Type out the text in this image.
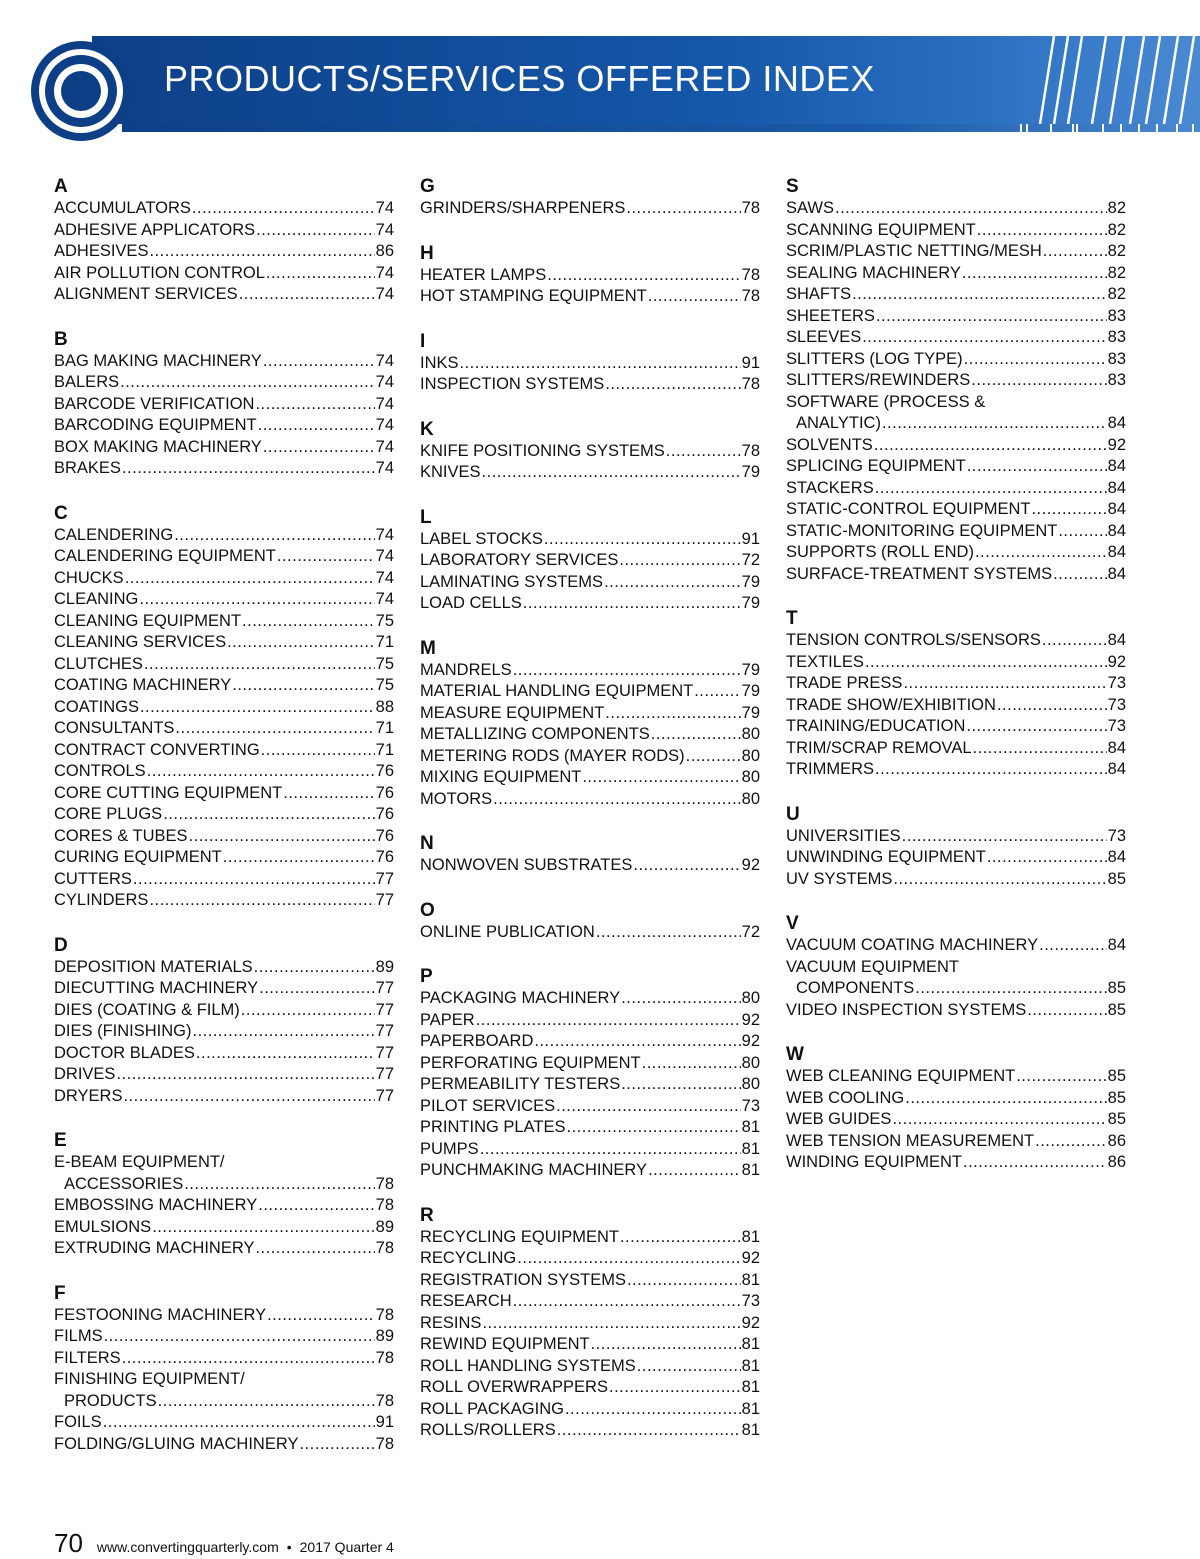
PRODUCTS/SERVICES OFFERED INDEX
A
ACCUMULATORS .....	74
ADHESIVE APPLICATORS .....	74
ADHESIVES .....	86
AIR POLLUTION CONTROL .....	74
ALIGNMENT SERVICES .....	74
B
BAG MAKING MACHINERY .....	74
BALERS .....	74
BARCODE VERIFICATION .....	74
BARCODING EQUIPMENT .....	74
BOX MAKING MACHINERY .....	74
BRAKES .....	74
C
CALENDERING .....	74
CALENDERING EQUIPMENT .....	74
CHUCKS .....	74
CLEANING .....	74
CLEANING EQUIPMENT .....	75
CLEANING SERVICES .....	71
CLUTCHES .....	75
COATING MACHINERY .....	75
COATINGS .....	88
CONSULTANTS .....	71
CONTRACT CONVERTING .....	71
CONTROLS .....	76
CORE CUTTING EQUIPMENT .....	76
CORE PLUGS .....	76
CORES & TUBES .....	76
CURING EQUIPMENT .....	76
CUTTERS .....	77
CYLINDERS .....	77
D
DEPOSITION MATERIALS .....	89
DIECUTTING MACHINERY .....	77
DIES (COATING & FILM) .....	77
DIES (FINISHING) .....	77
DOCTOR BLADES .....	77
DRIVES .....	77
DRYERS .....	77
E
E-BEAM EQUIPMENT/
ACCESSORIES .....	78
EMBOSSING MACHINERY .....	78
EMULSIONS .....	89
EXTRUDING MACHINERY .....	78
F
FESTOONING MACHINERY .....	78
FILMS .....	89
FILTERS .....	78
FINISHING EQUIPMENT/
PRODUCTS .....	78
FOILS .....	91
FOLDING/GLUING MACHINERY .....	78
G
GRINDERS/SHARPENERS .....	78
H
HEATER LAMPS .....	78
HOT STAMPING EQUIPMENT .....	78
I
INKS .....	91
INSPECTION SYSTEMS .....	78
K
KNIFE POSITIONING SYSTEMS .....	78
KNIVES .....	79
L
LABEL STOCKS .....	91
LABORATORY SERVICES .....	72
LAMINATING SYSTEMS .....	79
LOAD CELLS .....	79
M
MANDRELS .....	79
MATERIAL HANDLING EQUIPMENT .....	79
MEASURE EQUIPMENT .....	79
METALLIZING COMPONENTS .....	80
METERING RODS (MAYER RODS) .....	80
MIXING EQUIPMENT .....	80
MOTORS .....	80
N
NONWOVEN SUBSTRATES .....	92
O
ONLINE PUBLICATION .....	72
P
PACKAGING MACHINERY .....	80
PAPER .....	92
PAPERBOARD .....	92
PERFORATING EQUIPMENT .....	80
PERMEABILITY TESTERS .....	80
PILOT SERVICES .....	73
PRINTING PLATES .....	81
PUMPS .....	81
PUNCHMAKING MACHINERY .....	81
R
RECYCLING EQUIPMENT .....	81
RECYCLING .....	92
REGISTRATION SYSTEMS .....	81
RESEARCH .....	73
RESINS .....	92
REWIND EQUIPMENT .....	81
ROLL HANDLING SYSTEMS .....	81
ROLL OVERWRAPPERS .....	81
ROLL PACKAGING .....	81
ROLLS/ROLLERS .....	81
S
SAWS .....	82
SCANNING EQUIPMENT .....	82
SCRIM/PLASTIC NETTING/MESH .....	82
SEALING MACHINERY .....	82
SHAFTS .....	82
SHEETERS .....	83
SLEEVES .....	83
SLITTERS (LOG TYPE) .....	83
SLITTERS/REWINDERS .....	83
SOFTWARE (PROCESS &
ANALYTIC) .....	84
SOLVENTS .....	92
SPLICING EQUIPMENT .....	84
STACKERS .....	84
STATIC-CONTROL EQUIPMENT .....	84
STATIC-MONITORING EQUIPMENT .....	84
SUPPORTS (ROLL END) .....	84
SURFACE-TREATMENT SYSTEMS .....	84
T
TENSION CONTROLS/SENSORS .....	84
TEXTILES .....	92
TRADE PRESS .....	73
TRADE SHOW/EXHIBITION .....	73
TRAINING/EDUCATION .....	73
TRIM/SCRAP REMOVAL .....	84
TRIMMERS .....	84
U
UNIVERSITIES .....	73
UNWINDING EQUIPMENT .....	84
UV SYSTEMS .....	85
V
VACUUM COATING MACHINERY .....	84
VACUUM EQUIPMENT
COMPONENTS .....	85
VIDEO INSPECTION SYSTEMS .....	85
W
WEB CLEANING EQUIPMENT .....	85
WEB COOLING .....	85
WEB GUIDES .....	85
WEB TENSION MEASUREMENT .....	86
WINDING EQUIPMENT .....	86
70 www.convertingquarterly.com • 2017 Quarter 4
